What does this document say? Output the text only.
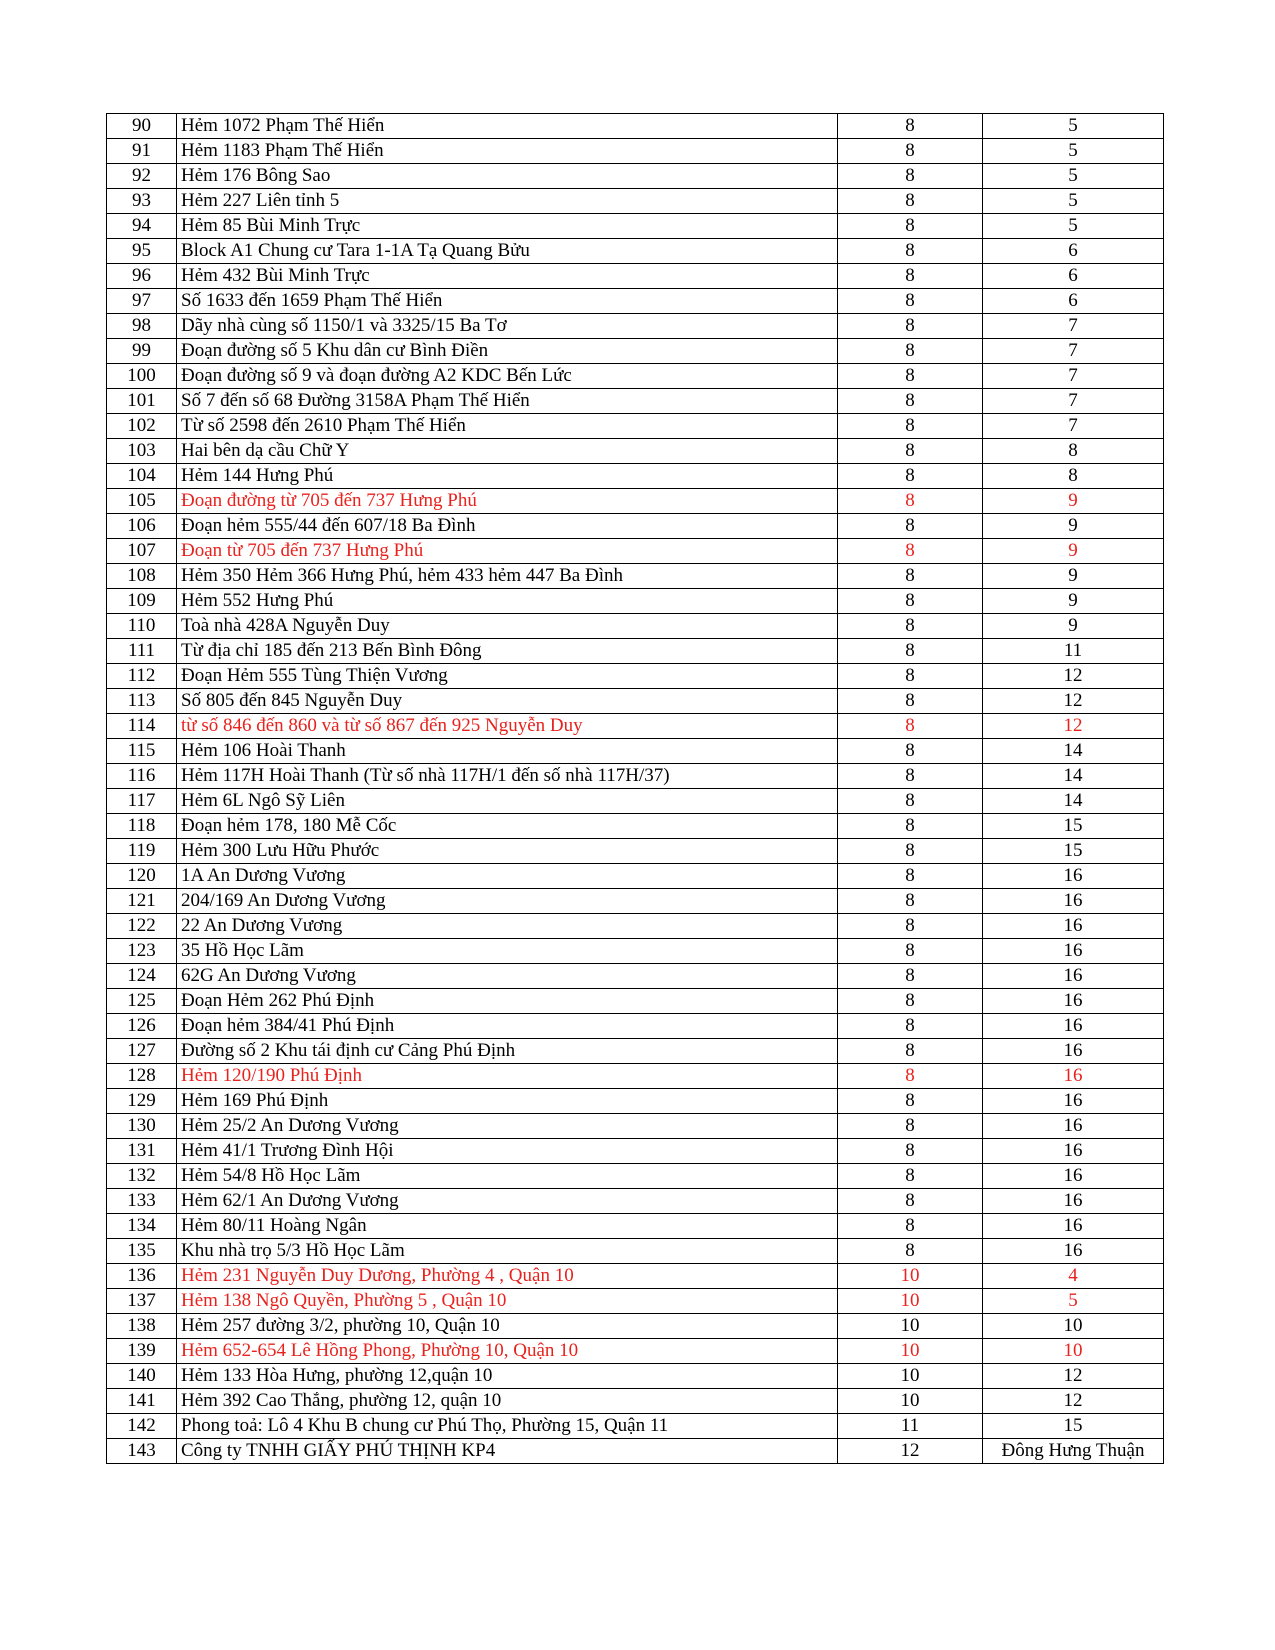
90	Hẻm 1072 Phạm Thế Hiển	8	5
91	Hẻm 1183 Phạm Thế Hiển	8	5
92	Hẻm 176 Bông Sao	8	5
93	Hẻm 227 Liên tỉnh 5	8	5
94	Hẻm 85 Bùi Minh Trực	8	5
95	Block A1 Chung cư Tara 1-1A Tạ Quang Bửu	8	6
96	Hẻm 432 Bùi Minh Trực	8	6
97	Số 1633 đến 1659 Phạm Thế Hiển	8	6
98	Dãy nhà cùng số 1150/1 và 3325/15 Ba Tơ	8	7
99	Đoạn đường số 5 Khu dân cư Bình Điền	8	7
100	Đoạn đường số 9 và đoạn đường A2 KDC Bến Lức	8	7
101	Số 7 đến số 68 Đường 3158A Phạm Thế Hiển	8	7
102	Từ số 2598 đến 2610 Phạm Thế Hiển	8	7
103	Hai bên dạ cầu Chữ Y	8	8
104	Hẻm 144 Hưng Phú	8	8
105	Đoạn đường từ 705 đến 737 Hưng Phú	8	9
106	Đoạn hẻm 555/44 đến 607/18 Ba Đình	8	9
107	Đoạn từ 705 đến 737 Hưng Phú	8	9
108	Hẻm 350 Hẻm 366 Hưng Phú, hẻm 433 hẻm 447 Ba Đình	8	9
109	Hẻm 552 Hưng Phú	8	9
110	Toà nhà 428A Nguyễn Duy	8	9
111	Từ địa chỉ 185 đến 213 Bến Bình Đông	8	11
112	Đoạn Hẻm 555 Tùng Thiện Vương	8	12
113	Số 805 đến 845 Nguyễn Duy	8	12
114	từ số 846 đến 860 và từ số 867 đến 925 Nguyễn Duy	8	12
115	Hẻm 106 Hoài Thanh	8	14
116	Hẻm 117H Hoài Thanh (Từ số nhà 117H/1 đến số nhà 117H/37)	8	14
117	Hẻm 6L Ngô Sỹ Liên	8	14
118	Đoạn hẻm 178, 180 Mễ Cốc	8	15
119	Hẻm 300 Lưu Hữu Phước	8	15
120	1A An Dương Vương	8	16
121	204/169 An Dương Vương	8	16
122	22 An Dương Vương	8	16
123	35 Hồ Học Lãm	8	16
124	62G An Dương Vương	8	16
125	Đoạn Hẻm 262 Phú Định	8	16
126	Đoạn hẻm 384/41 Phú Định	8	16
127	Đường số 2 Khu tái định cư Cảng Phú Định	8	16
128	Hẻm 120/190 Phú Định	8	16
129	Hẻm 169 Phú Định	8	16
130	Hẻm 25/2 An Dương Vương	8	16
131	Hẻm 41/1 Trương Đình Hội	8	16
132	Hẻm 54/8 Hồ Học Lãm	8	16
133	Hẻm 62/1 An Dương Vương	8	16
134	Hẻm 80/11 Hoàng Ngân	8	16
135	Khu nhà trọ 5/3 Hồ Học Lãm	8	16
136	Hẻm 231 Nguyễn Duy Dương, Phường 4 , Quận 10	10	4
137	Hẻm 138 Ngô Quyền, Phường 5 , Quận 10	10	5
138	Hẻm 257 đường 3/2, phường 10, Quận 10	10	10
139	Hẻm 652-654 Lê Hồng Phong, Phường 10, Quận 10	10	10
140	Hẻm 133 Hòa Hưng, phường 12,quận 10	10	12
141	Hẻm 392 Cao Thắng, phường 12, quận 10	10	12
142	Phong toả: Lô 4 Khu B chung cư Phú Thọ, Phường 15, Quận 11	11	15
143	Công ty TNHH GIẤY PHÚ THỊNH KP4	12	Đông Hưng Thuận
